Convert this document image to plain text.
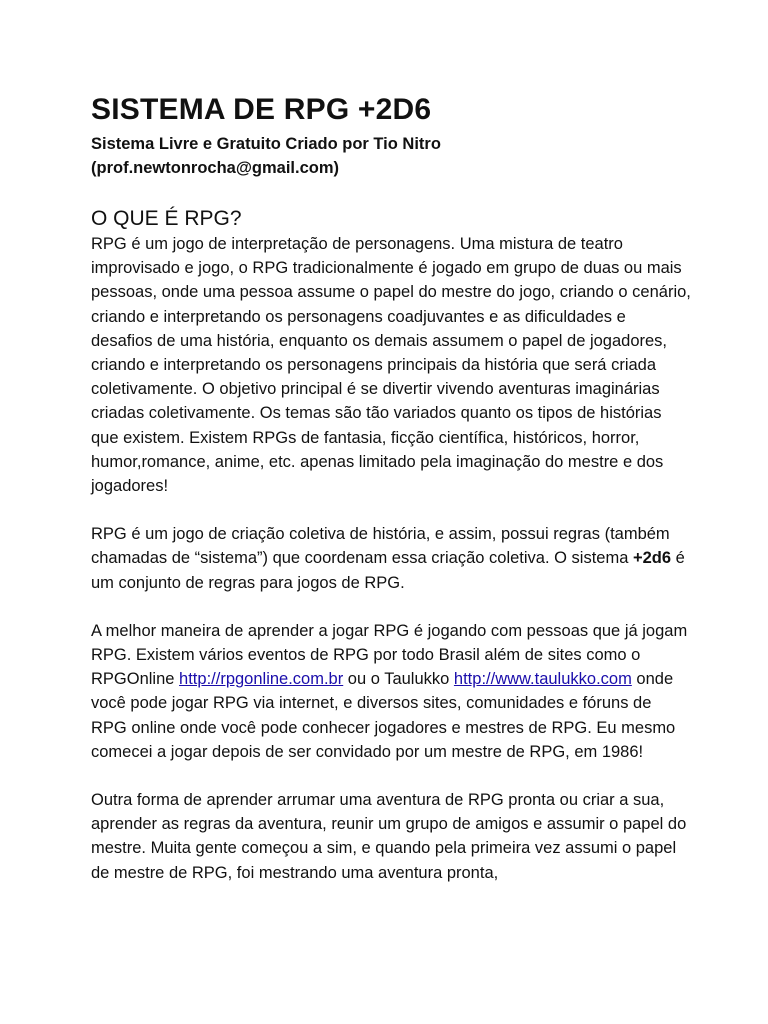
SISTEMA DE RPG +2D6

Sistema Livre e Gratuito Criado por Tio Nitro
(prof.newtonrocha@gmail.com)

O QUE É RPG?

RPG é um jogo de interpretação de personagens. Uma mistura de teatro improvisado e jogo, o RPG tradicionalmente é jogado em grupo de duas ou mais pessoas, onde uma pessoa assume o papel do mestre do jogo, criando o cenário, criando e interpretando os personagens coadjuvantes e as dificuldades e desafios de uma história, enquanto os demais assumem o papel de jogadores, criando e interpretando os personagens principais da história que será criada coletivamente. O objetivo principal é se divertir vivendo aventuras imaginárias criadas coletivamente. Os temas são tão variados quanto os tipos de histórias que existem. Existem RPGs de fantasia, ficção científica, históricos, horror, humor,romance, anime, etc. apenas limitado pela imaginação do mestre e dos jogadores!

RPG é um jogo de criação coletiva de história, e assim, possui regras (também chamadas de “sistema”) que coordenam essa criação coletiva. O sistema +2d6 é um conjunto de regras para jogos de RPG.

A melhor maneira de aprender a jogar RPG é jogando com pessoas que já jogam RPG. Existem vários eventos de RPG por todo Brasil além de sites como o RPGOnline http://rpgonline.com.br ou o Taulukko http://www.taulukko.com onde você pode jogar RPG via internet, e diversos sites, comunidades e fóruns de RPG online onde você pode conhecer jogadores e mestres de RPG. Eu mesmo comecei a jogar depois de ser convidado por um mestre de RPG, em 1986!

Outra forma de aprender arrumar uma aventura de RPG pronta ou criar a sua, aprender as regras da aventura, reunir um grupo de amigos e assumir o papel do mestre. Muita gente começou a sim, e quando pela primeira vez assumi o papel de mestre de RPG, foi mestrando uma aventura pronta,
